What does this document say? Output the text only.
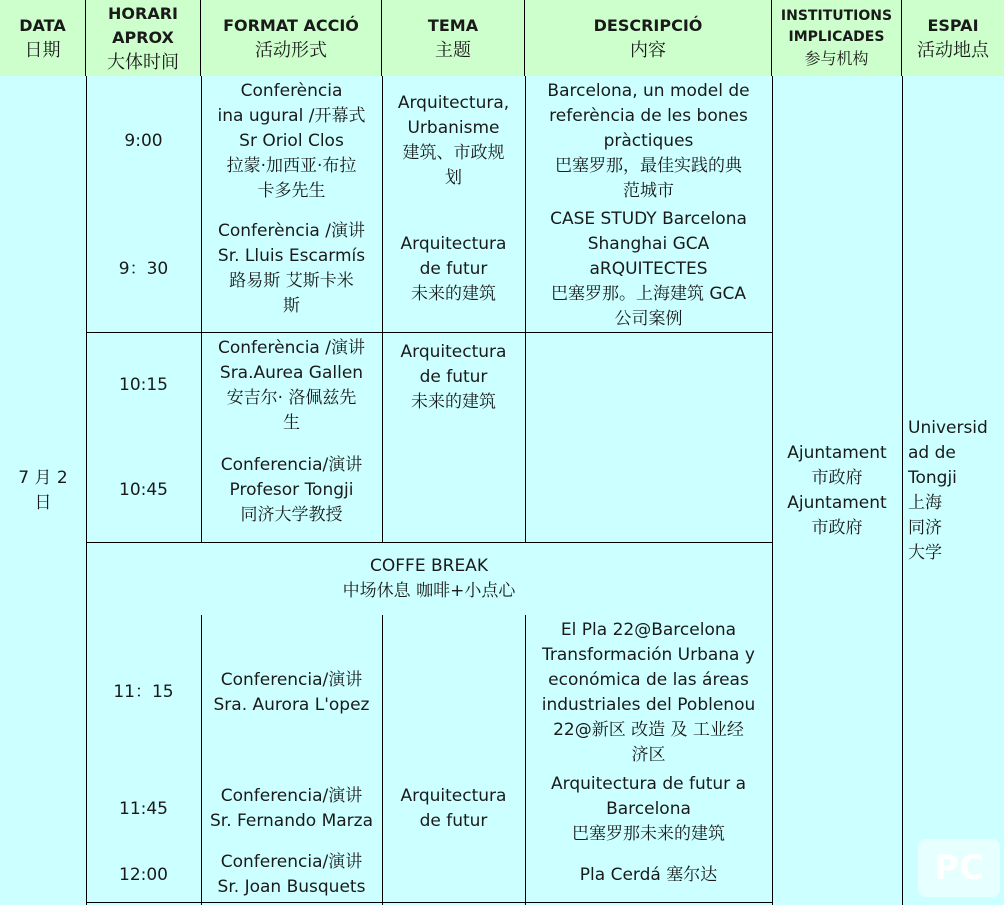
DATA
日期
HORARI
APROX
大体时间
FORMAT ACCIÓ
活动形式
TEMA
主题
DESCRIPCIÓ
内容
INSTITUTIONS
IMPLICADES
参与机构
ESPAI
活动地点
7 月 2
日
9:00
Conferència
ina ugural /开幕式
Sr Oriol Clos
拉蒙·加西亚·布拉
卡多先生
Arquitectura,
Urbanisme
建筑、市政规
划
Barcelona, un model de
referència de les bones
pràctiques
巴塞罗那，最佳实践的典
范城市
9：30
Conferència /演讲
Sr. Lluis Escarmís
路易斯 艾斯卡米
斯
Arquitectura
de futur
未来的建筑
CASE STUDY Barcelona
Shanghai GCA
aRQUITECTES
巴塞罗那。上海建筑 GCA
公司案例
10:15
Conferència /演讲
Sra.Aurea Gallen
安吉尔· 洛佩兹先
生
Arquitectura
de futur
未来的建筑
10:45
Conferencia/演讲
Profesor Tongji
同济大学教授
COFFE BREAK
中场休息 咖啡+小点心
11：15
Conferencia/演讲
Sra. Aurora L'opez
El Pla 22@Barcelona
Transformación Urbana y
económica de las áreas
industriales del Poblenou
22@新区 改造 及 工业经
济区
11:45
Conferencia/演讲
Sr. Fernando Marza
Arquitectura
de futur
Arquitectura de futur a
Barcelona
巴塞罗那未来的建筑
12:00
Conferencia/演讲
Sr. Joan Busquets
Pla Cerdá 塞尔达
Ajuntament
市政府
Ajuntament
市政府
Universid
ad de
Tongji
上海
同济
大学
PC
